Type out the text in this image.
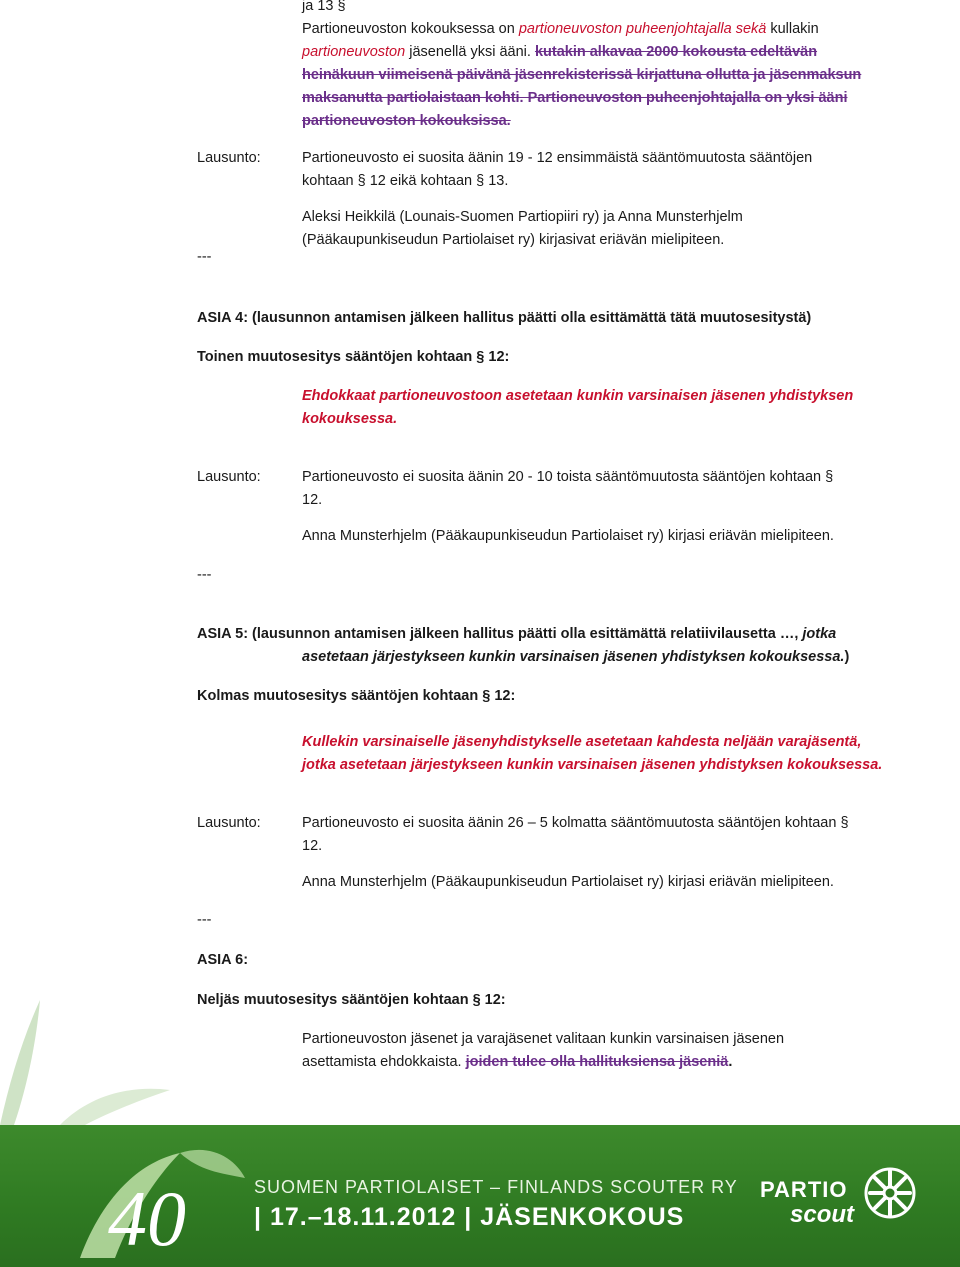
ja 13 §
Partioneuvoston kokouksessa on partioneuvoston puheenjohtajalla sekä kullakin
partioneuvoston jäsenellä yksi ääni. kutakin alkavaa 2000 kokousta edeltävän
heinäkuun viimeisenä päivänä jäsenrekisterissä kirjattuna ollutta ja jäsenmaksun
maksanutta partiolaistaan kohti. Partioneuvoston puheenjohtajalla on yksi ääni
partioneuvoston kokouksissa.
Lausunto:	Partioneuvosto ei suosita äänin 19 - 12 ensimmäistä sääntömuutosta sääntöjen
kohtaan § 12 eikä kohtaan § 13.
Aleksi Heikkilä (Lounais-Suomen Partiopiiri ry) ja Anna Munsterhjelm
(Pääkaupunkiseudun Partiolaiset ry) kirjasivat eriävän mielipiteen.
---
ASIA 4: (lausunnon antamisen jälkeen hallitus päätti olla esittämättä tätä muutosesitystä)
Toinen muutosesitys sääntöjen kohtaan § 12:
Ehdokkaat partioneuvostoon asetetaan kunkin varsinaisen jäsenen yhdistyksen
kokouksessa.
Lausunto:	Partioneuvosto ei suosita äänin 20 - 10 toista sääntömuutosta sääntöjen kohtaan §
12.
Anna Munsterhjelm (Pääkaupunkiseudun Partiolaiset ry) kirjasi eriävän mielipiteen.
---
ASIA 5: (lausunnon antamisen jälkeen hallitus päätti olla esittämättä relatiivilausetta …, jotka
asetetaan järjestykseen kunkin varsinaisen jäsenen yhdistyksen kokouksessa.)
Kolmas muutosesitys sääntöjen kohtaan § 12:
Kullekin varsinaiselle jäsenyhdistykselle asetetaan kahdesta neljään varajäsentä,
jotka asetetaan järjestykseen kunkin varsinaisen jäsenen yhdistyksen kokouksessa.
Lausunto:	Partioneuvosto ei suosita äänin 26 – 5 kolmatta sääntömuutosta sääntöjen kohtaan §
12.
Anna Munsterhjelm (Pääkaupunkiseudun Partiolaiset ry) kirjasi eriävän mielipiteen.
---
ASIA 6:
Neljäs muutosesitys sääntöjen kohtaan § 12:
Partioneuvoston jäsenet ja varajäsenet valitaan kunkin varsinaisen jäsenen
asettamista ehdokkaista. joiden tulee olla hallituksiensa jäseniä.
40	SUOMEN PARTIOLAISET – FINLANDS SCOUTER RY
| 17.–18.11.2012 | JÄSENKOKOUS
PARTIO
scout
